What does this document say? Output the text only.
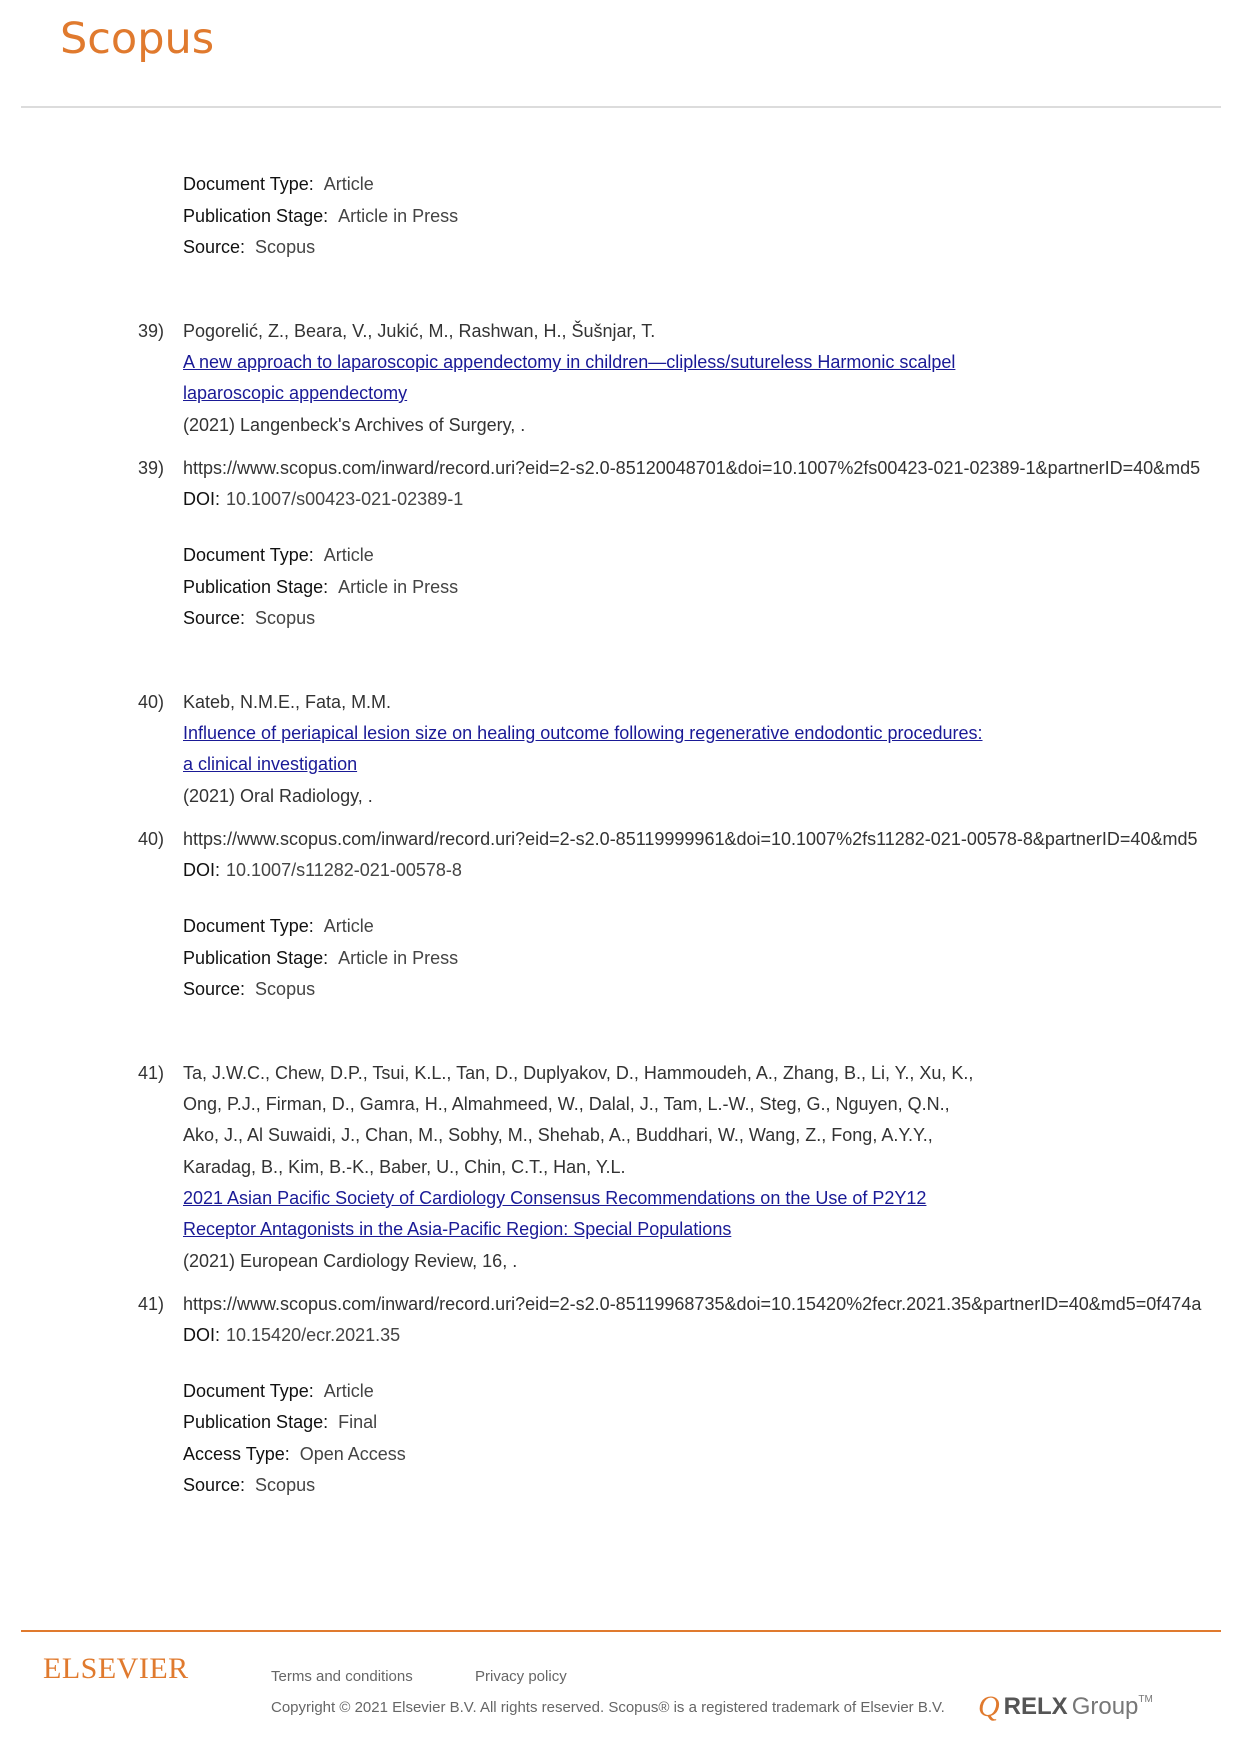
Scopus
Document Type: Article
Publication Stage: Article in Press
Source: Scopus
39) Pogorelić, Z., Beara, V., Jukić, M., Rashwan, H., Šušnjar, T.
A new approach to laparoscopic appendectomy in children—clipless/sutureless Harmonic scalpel
laparoscopic appendectomy
(2021) Langenbeck's Archives of Surgery, .
39) https://www.scopus.com/inward/record.uri?eid=2-s2.0-85120048701&doi=10.1007%2fs00423-021-02389-1&partnerID=40&md5
DOI: 10.1007/s00423-021-02389-1
Document Type: Article
Publication Stage: Article in Press
Source: Scopus
40) Kateb, N.M.E., Fata, M.M.
Influence of periapical lesion size on healing outcome following regenerative endodontic procedures:
a clinical investigation
(2021) Oral Radiology, .
40) https://www.scopus.com/inward/record.uri?eid=2-s2.0-85119999961&doi=10.1007%2fs11282-021-00578-8&partnerID=40&md5
DOI: 10.1007/s11282-021-00578-8
Document Type: Article
Publication Stage: Article in Press
Source: Scopus
41) Ta, J.W.C., Chew, D.P., Tsui, K.L., Tan, D., Duplyakov, D., Hammoudeh, A., Zhang, B., Li, Y., Xu, K.,
Ong, P.J., Firman, D., Gamra, H., Almahmeed, W., Dalal, J., Tam, L.-W., Steg, G., Nguyen, Q.N.,
Ako, J., Al Suwaidi, J., Chan, M., Sobhy, M., Shehab, A., Buddhari, W., Wang, Z., Fong, A.Y.Y.,
Karadag, B., Kim, B.-K., Baber, U., Chin, C.T., Han, Y.L.
2021 Asian Pacific Society of Cardiology Consensus Recommendations on the Use of P2Y12
Receptor Antagonists in the Asia-Pacific Region: Special Populations
(2021) European Cardiology Review, 16, .
41) https://www.scopus.com/inward/record.uri?eid=2-s2.0-85119968735&doi=10.15420%2fecr.2021.35&partnerID=40&md5=0f474a
DOI: 10.15420/ecr.2021.35
Document Type: Article
Publication Stage: Final
Access Type: Open Access
Source: Scopus
ELSEVIER	Terms and conditions	Privacy policy
Copyright © 2021 Elsevier B.V. All rights reserved. Scopus® is a registered trademark of Elsevier B.V. Q RELX Group TM
